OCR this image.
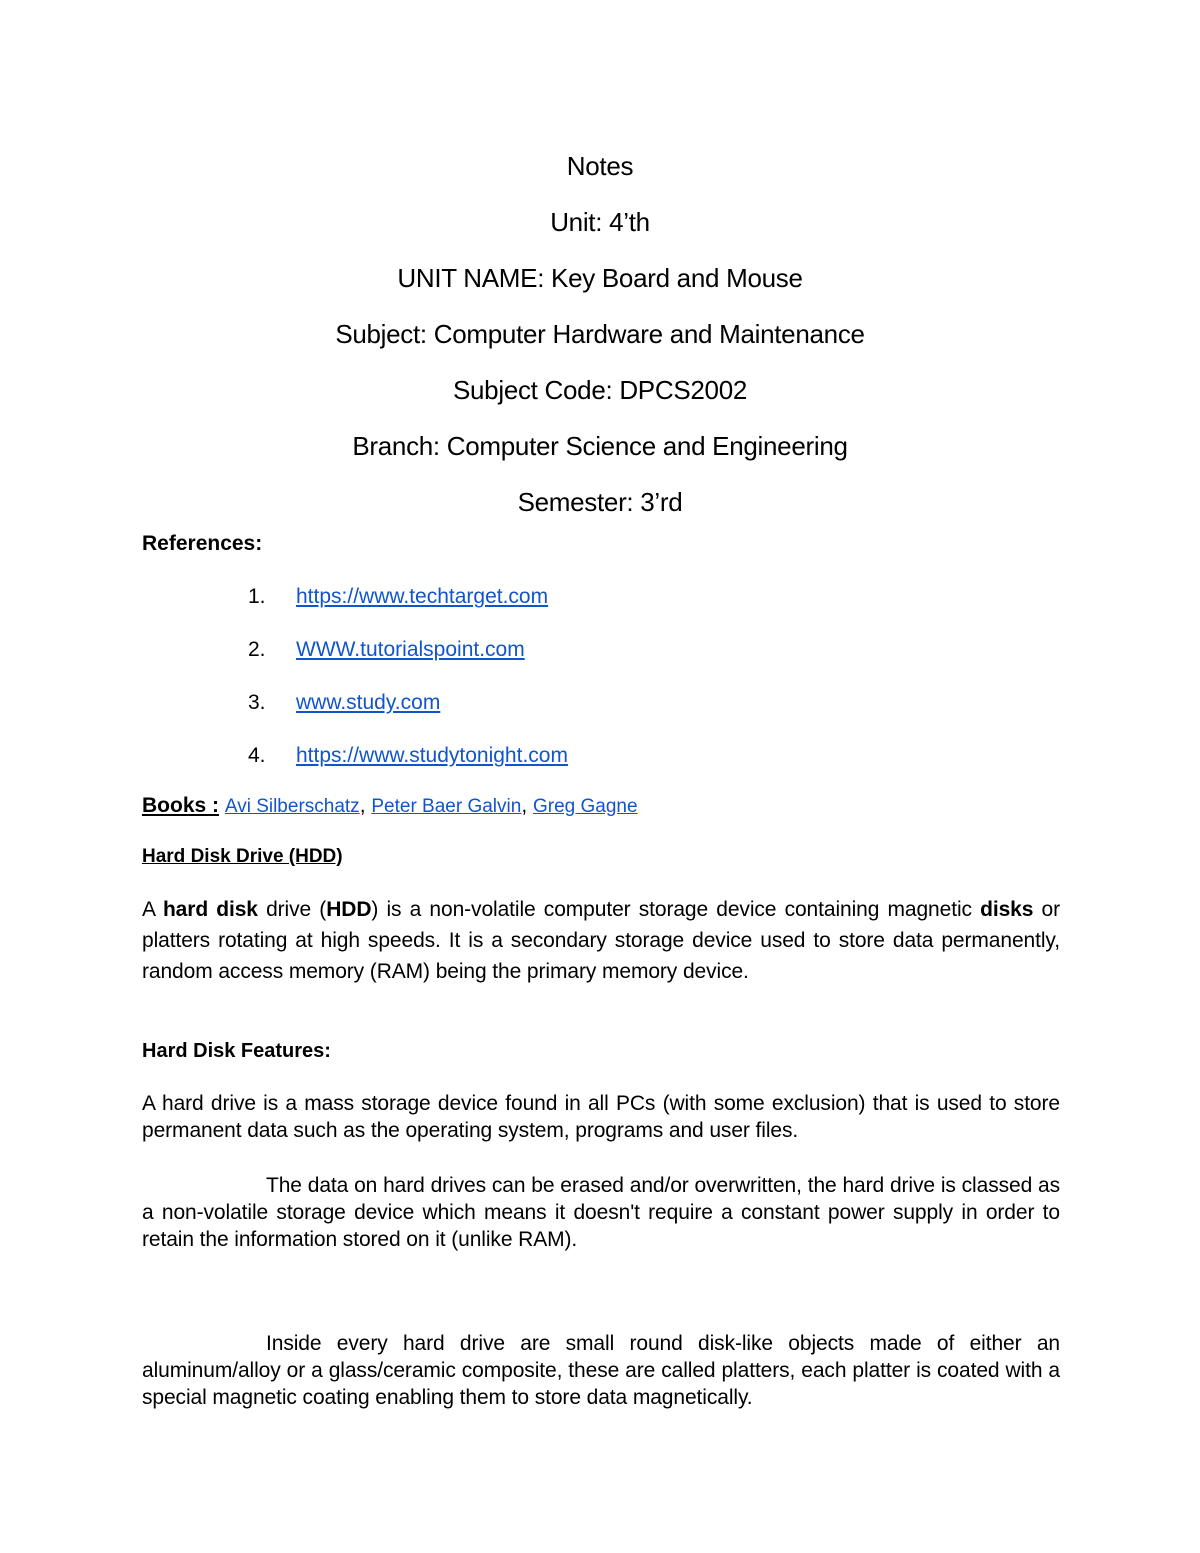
Notes

Unit: 4’th

UNIT NAME: Key Board and Mouse

Subject: Computer Hardware and Maintenance

Subject Code: DPCS2002

Branch: Computer Science and Engineering

Semester: 3’rd

References:

1.	https://www.techtarget.com
2.	WWW.tutorialspoint.com
3.	www.study.com
4.	https://www.studytonight.com

Books : Avi Silberschatz, Peter Baer Galvin, Greg Gagne

Hard Disk Drive (HDD)

A hard disk drive (HDD) is a non-volatile computer storage device containing magnetic disks or platters rotating at high speeds. It is a secondary storage device used to store data permanently, random access memory (RAM) being the primary memory device.

Hard Disk Features:

A hard drive is a mass storage device found in all PCs (with some exclusion) that is used to store permanent data such as the operating system, programs and user files.

The data on hard drives can be erased and/or overwritten, the hard drive is classed as a non-volatile storage device which means it doesn't require a constant power supply in order to retain the information stored on it (unlike RAM).

Inside every hard drive are small round disk-like objects made of either an aluminum/alloy or a glass/ceramic composite, these are called platters, each platter is coated with a special magnetic coating enabling them to store data magnetically.
